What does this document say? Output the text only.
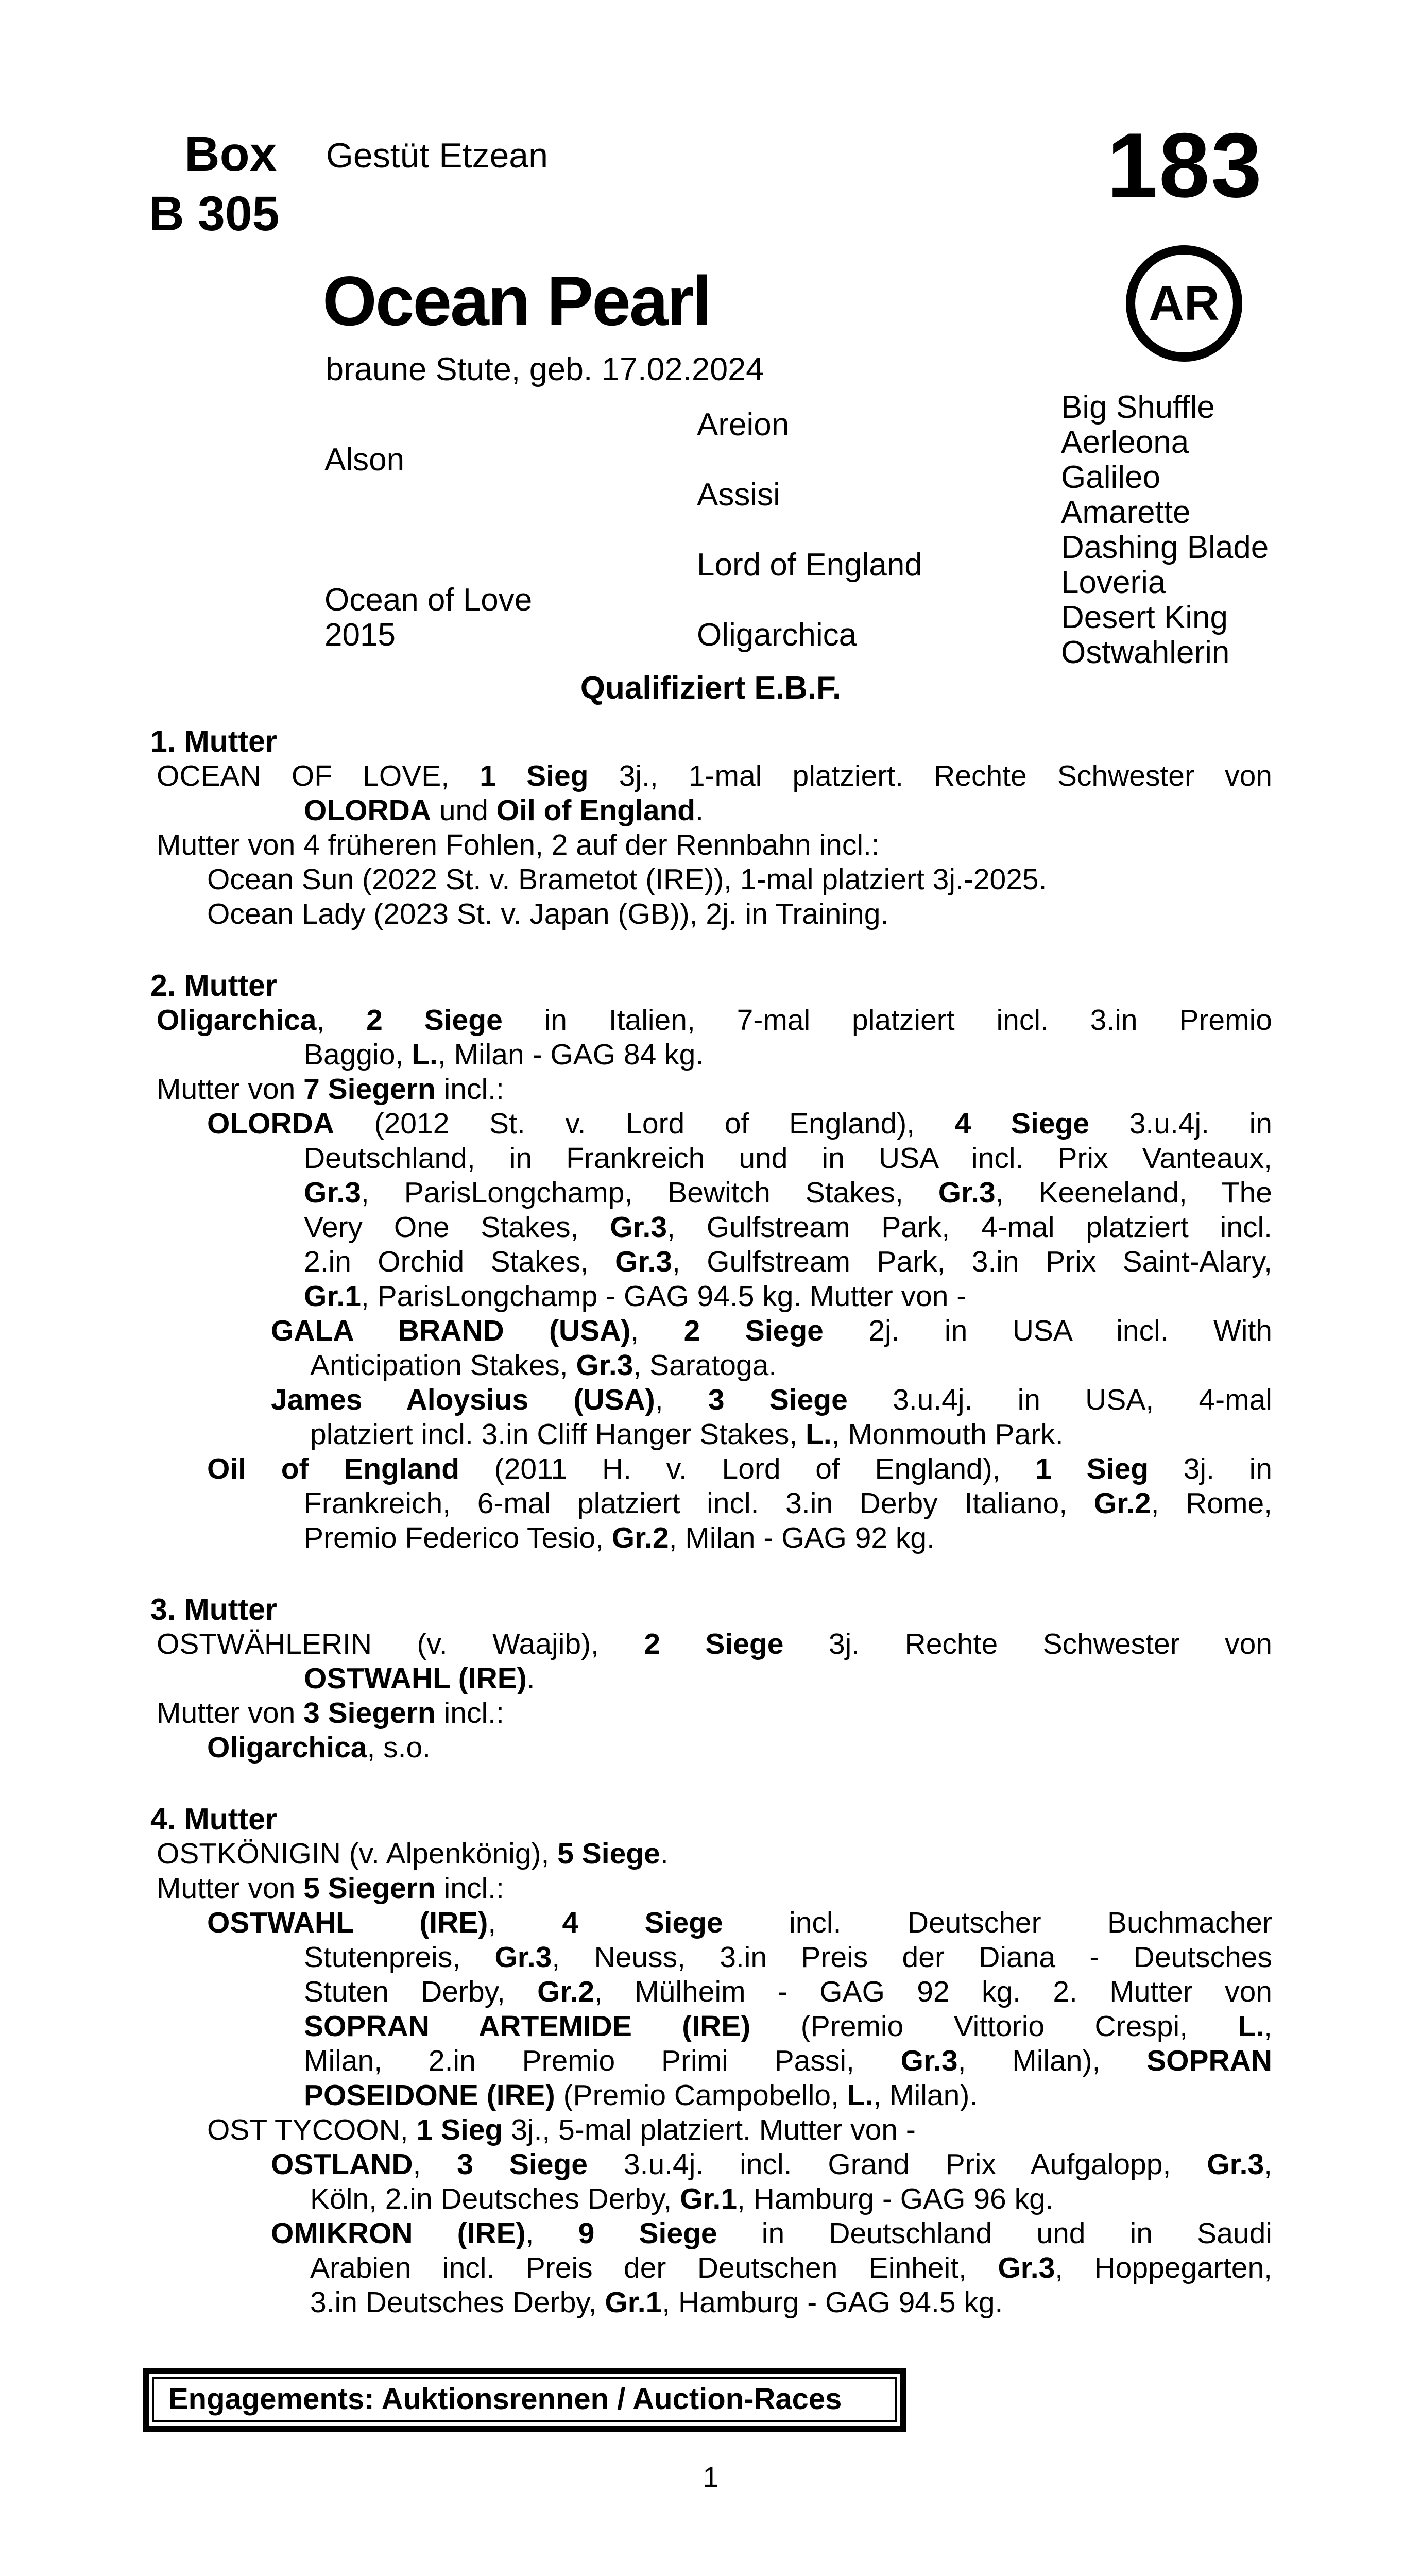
Box
B 305
Gestüt Etzean	183
AR
Ocean Pearl
braune Stute, geb. 17.02.2024
Alson
Ocean of Love
2015
Areion
Assisi
Lord of England
Oligarchica
Big Shuffle
Aerleona
Galileo
Amarette
Dashing Blade
Loveria
Desert King
Ostwahlerin
Qualifiziert E.B.F.
1. Mutter
OCEAN OF LOVE, 1 Sieg 3j., 1-mal platziert. Rechte Schwester von
OLORDA und Oil of England.
Mutter von 4 früheren Fohlen, 2 auf der Rennbahn incl.:
Ocean Sun (2022 St. v. Brametot (IRE)), 1-mal platziert 3j.-2025.
Ocean Lady (2023 St. v. Japan (GB)), 2j. in Training.
2. Mutter
Oligarchica, 2 Siege in Italien, 7-mal platziert incl. 3.in Premio
Baggio, L., Milan - GAG 84 kg.
Mutter von 7 Siegern incl.:
OLORDA (2012 St. v. Lord of England), 4 Siege 3.u.4j. in
Deutschland, in Frankreich und in USA incl. Prix Vanteaux,
Gr.3, ParisLongchamp, Bewitch Stakes, Gr.3, Keeneland, The
Very One Stakes, Gr.3, Gulfstream Park, 4-mal platziert incl.
2.in Orchid Stakes, Gr.3, Gulfstream Park, 3.in Prix Saint-Alary,
Gr.1, ParisLongchamp - GAG 94.5 kg. Mutter von -
GALA BRAND (USA), 2 Siege 2j. in USA incl. With
Anticipation Stakes, Gr.3, Saratoga.
James Aloysius (USA), 3 Siege 3.u.4j. in USA, 4-mal
platziert incl. 3.in Cliff Hanger Stakes, L., Monmouth Park.
Oil of England (2011 H. v. Lord of England), 1 Sieg 3j. in
Frankreich, 6-mal platziert incl. 3.in Derby Italiano, Gr.2, Rome,
Premio Federico Tesio, Gr.2, Milan - GAG 92 kg.
3. Mutter
OSTWÄHLERIN (v. Waajib), 2 Siege 3j. Rechte Schwester von
OSTWAHL (IRE).
Mutter von 3 Siegern incl.:
Oligarchica, s.o.
4. Mutter
OSTKÖNIGIN (v. Alpenkönig), 5 Siege.
Mutter von 5 Siegern incl.:
OSTWAHL (IRE), 4 Siege incl. Deutscher Buchmacher
Stutenpreis, Gr.3, Neuss, 3.in Preis der Diana - Deutsches
Stuten Derby, Gr.2, Mülheim - GAG 92 kg. 2. Mutter von
SOPRAN ARTEMIDE (IRE) (Premio Vittorio Crespi, L.,
Milan, 2.in Premio Primi Passi, Gr.3, Milan), SOPRAN
POSEIDONE (IRE) (Premio Campobello, L., Milan).
OST TYCOON, 1 Sieg 3j., 5-mal platziert. Mutter von -
OSTLAND, 3 Siege 3.u.4j. incl. Grand Prix Aufgalopp, Gr.3,
Köln, 2.in Deutsches Derby, Gr.1, Hamburg - GAG 96 kg.
OMIKRON (IRE), 9 Siege in Deutschland und in Saudi
Arabien incl. Preis der Deutschen Einheit, Gr.3, Hoppegarten,
3.in Deutsches Derby, Gr.1, Hamburg - GAG 94.5 kg.
Engagements: Auktionsrennen / Auction-Races
1
